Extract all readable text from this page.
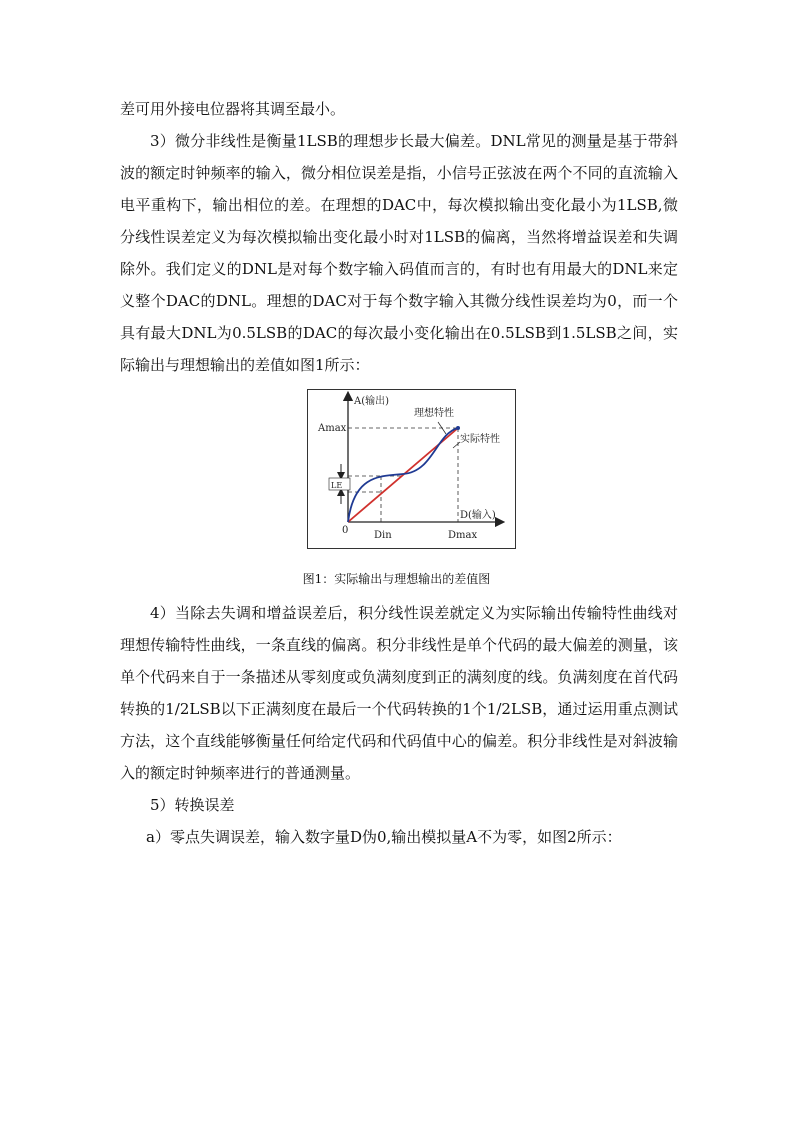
差可用外接电位器将其调至最小。

3）微分非线性是衡量1LSB的理想步长最大偏差。DNL常见的测量是基于带斜波的额定时钟频率的输入，微分相位误差是指，小信号正弦波在两个不同的直流输入电平重构下，输出相位的差。在理想的DAC中，每次模拟输出变化最小为1LSB,微分线性误差定义为每次模拟输出变化最小时对1LSB的偏离，当然将增益误差和失调除外。我们定义的DNL是对每个数字输入码值而言的，有时也有用最大的DNL来定义整个DAC的DNL。理想的DAC对于每个数字输入其微分线性误差均为0，而一个具有最大DNL为0.5LSB的DAC的每次最小变化输出在0.5LSB到1.5LSB之间，实际输出与理想输出的差值如图1所示：

A(输出)
理想特性
实际特性
Amax
LE
0	Din	Dmax
D(输入)
图1：实际输出与理想输出的差值图

4）当除去失调和增益误差后，积分线性误差就定义为实际输出传输特性曲线对理想传输特性曲线，一条直线的偏离。积分非线性是单个代码的最大偏差的测量，该单个代码来自于一条描述从零刻度或负满刻度到正的满刻度的线。负满刻度在首代码转换的1/2LSB以下正满刻度在最后一个代码转换的1个1/2LSB，通过运用重点测试方法，这个直线能够衡量任何给定代码和代码值中心的偏差。积分非线性是对斜波输入的额定时钟频率进行的普通测量。

5）转换误差

a）零点失调误差，输入数字量D伪0,输出模拟量A不为零，如图2所示：
